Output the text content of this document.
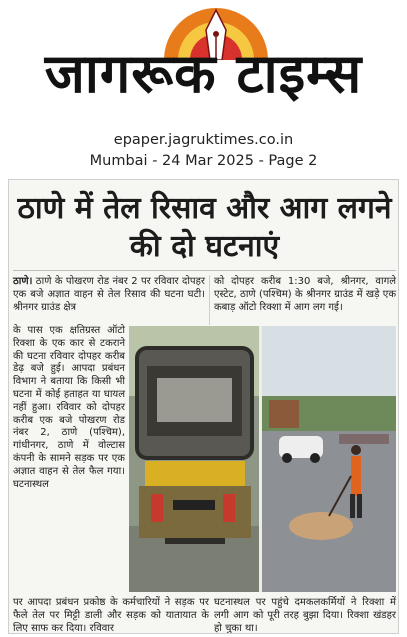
जागरूक टाइम्स
epaper.jagruktimes.co.in
Mumbai - 24 Mar 2025 - Page 2
ठाणे में तेल रिसाव और आग लगने की दो घटनाएं

ठाणे। ठाणे के पोखरण रोड नंबर 2 पर रविवार दोपहर एक बजे अज्ञात वाहन से तेल रिसाव की घटना घटी। श्रीनगर ग्राउंड क्षेत्र

को दोपहर करीब 1:30 बजे, श्रीनगर, वागले एस्टेट, ठाणे (पश्चिम) के श्रीनगर ग्राउंड में खड़े एक कबाड़ ऑटो रिक्शा में आग लग गई।

के पास एक क्षतिग्रस्त ऑटो रिक्शा के एक कार से टकराने की घटना रविवार दोपहर करीब डेढ़ बजे हुई। आपदा प्रबंधन विभाग ने बताया कि किसी भी घटना में कोई हताहत या घायल नहीं हुआ। रविवार को दोपहर करीब एक बजे पोखरण रोड नंबर 2, ठाणे (पश्चिम), गांधीनगर, ठाणे में वोल्टास कंपनी के सामने सड़क पर एक अज्ञात वाहन से तेल फैल गया। घटनास्थल

पर आपदा प्रबंधन प्रकोष्ठ के कर्मचारियों ने सड़क पर फैले तेल पर मिट्टी डाली और सड़क को यातायात के लिए साफ कर दिया। रविवार

घटनास्थल पर पहुंचे दमकलकर्मियों ने रिक्शा में लगी आग को पूरी तरह बुझा दिया। रिक्शा खंडहर हो चुका था।
